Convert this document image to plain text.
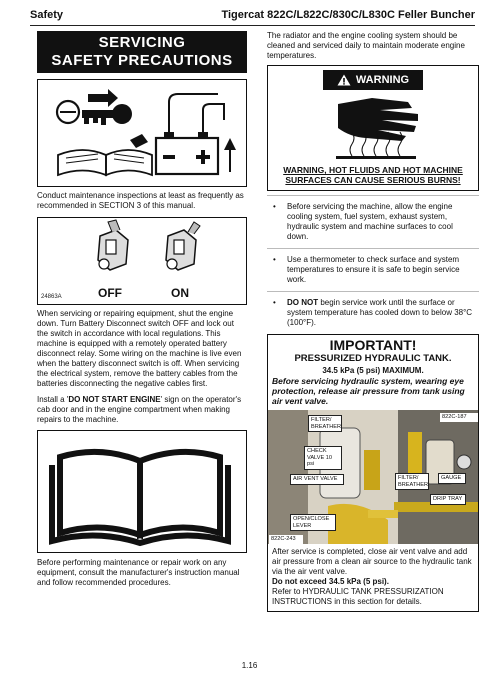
Safety	Tigercat 822C/L822C/830C/L830C Feller Buncher
SERVICING
SAFETY PRECAUTIONS

Conduct maintenance inspections at least as frequently as recommended in SECTION 3 of this manual.

24863A	OFF	ON

When servicing or repairing equipment, shut the engine down. Turn Battery Disconnect switch OFF and lock out the switch in accordance with local regulations. This machine is equipped with a remotely operated battery disconnect relay. Some wiring on the machine is live even when the battery disconnect switch is off. When servicing the electrical system, remove the battery cables from the batteries disconnecting the negative cables first.

Install a 'DO NOT START ENGINE' sign on the operator's cab door and in the engine compartment when making repairs to the machine.

Before performing maintenance or repair work on any equipment, consult the manufacturer's instruction manual and follow recommended procedures.

The radiator and the engine cooling system should be cleaned and serviced daily to maintain moderate engine temperatures.

WARNING
WARNING, HOT FLUIDS AND HOT MACHINE SURFACES CAN CAUSE SERIOUS BURNS!
• Before servicing the machine, allow the engine cooling system, fuel system, exhaust system, hydraulic system and machine surfaces to cool down.
• Use a thermometer to check surface and system temperatures to ensure it is safe to begin service work.
• DO NOT begin service work until the surface or system temperature has cooled down to below 38°C (100°F).
IMPORTANT!
PRESSURIZED HYDRAULIC TANK.
34.5 kPa (5 psi) MAXIMUM.
Before servicing hydraulic system, wearing eye protection, release air pressure from tank using air vent valve.
FILTER/ BREATHER
CHECK VALVE 10 psi
AIR VENT VALVE	FILTER/ BREATHER
GAUGE
DRIP TRAY
OPEN/CLOSE LEVER
822C-187
822C-243

After service is completed, close air vent valve and add air pressure from a clean air source to the hydraulic tank via the air vent valve.

Do not exceed 34.5 kPa (5 psi).

Refer to HYDRAULIC TANK PRESSURIZATION INSTRUCTIONS in this section for details.

1.16
